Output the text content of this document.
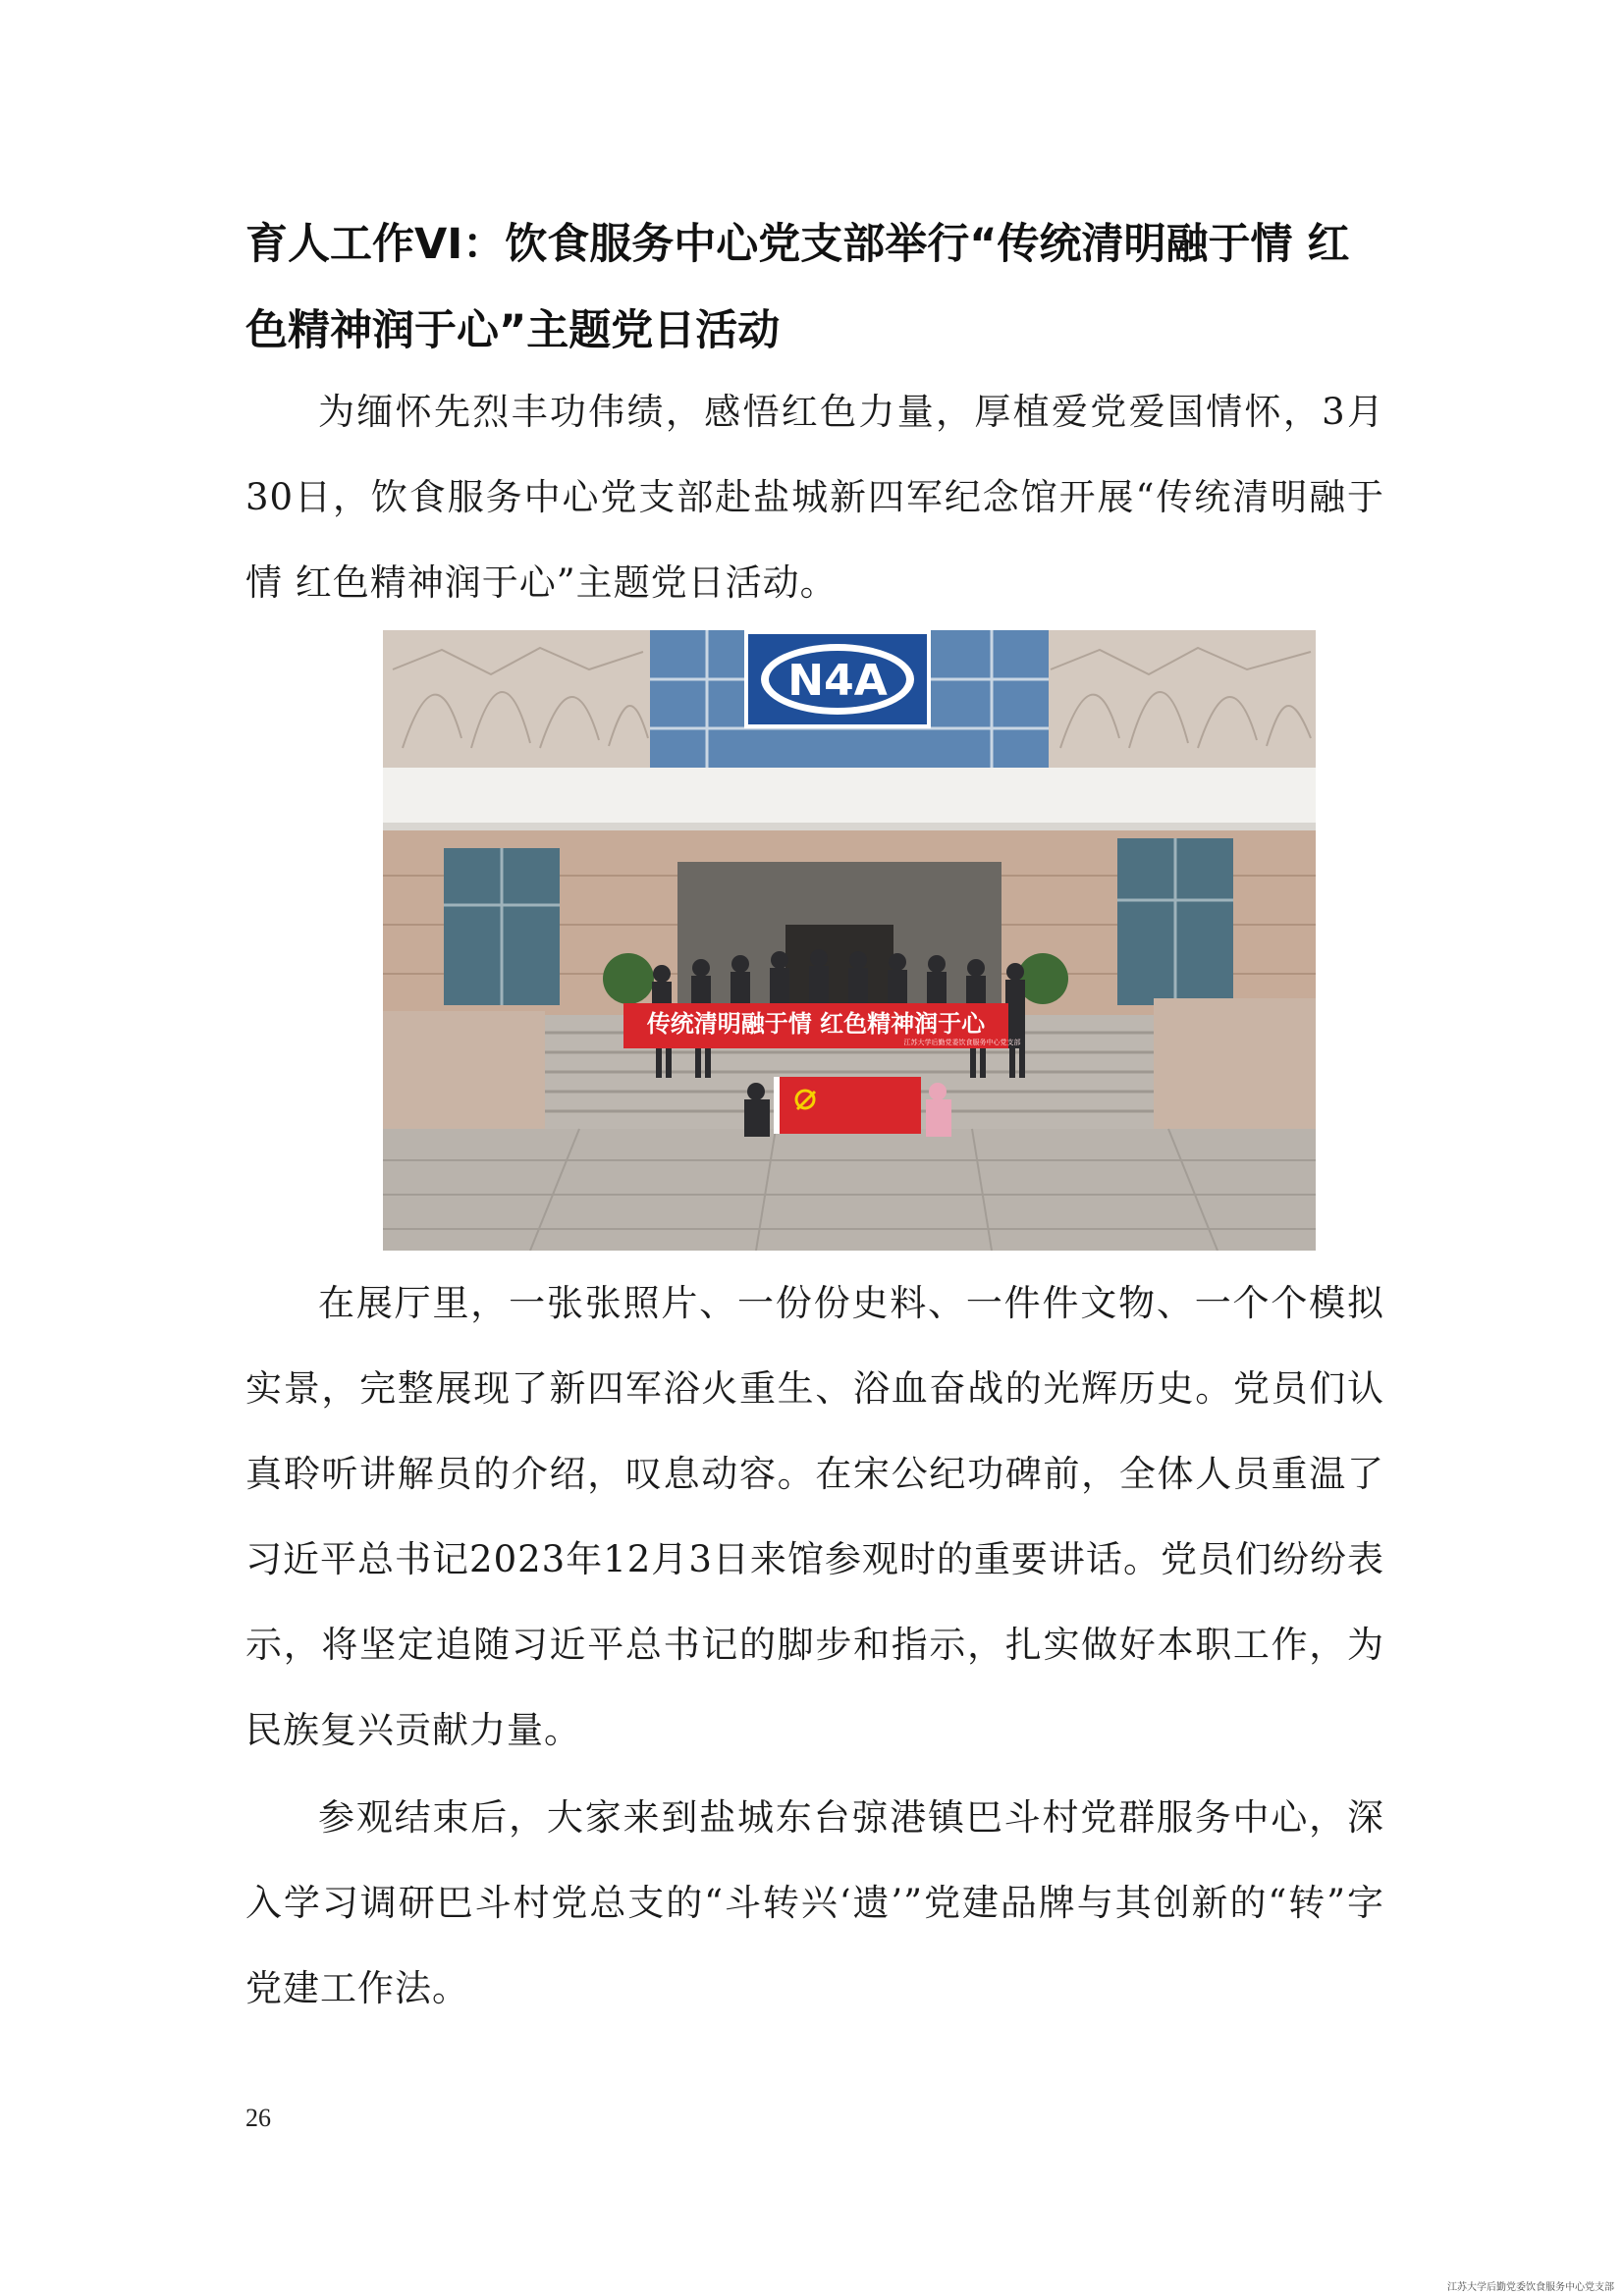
育人工作VI：饮食服务中心党支部举行“传统清明融于情 红色精神润于心”主题党日活动

为缅怀先烈丰功伟绩，感悟红色力量，厚植爱党爱国情怀，3月30日，饮食服务中心党支部赴盐城新四军纪念馆开展“传统清明融于情 红色精神润于心”主题党日活动。

N4A
传统清明融于情 红色精神润于心
江苏大学后勤党委饮食服务中心党支部

在展厅里，一张张照片、一份份史料、一件件文物、一个个模拟实景，完整展现了新四军浴火重生、浴血奋战的光辉历史。党员们认真聆听讲解员的介绍，叹息动容。在宋公纪功碑前，全体人员重温了习近平总书记2023年12月3日来馆参观时的重要讲话。党员们纷纷表示，将坚定追随习近平总书记的脚步和指示，扎实做好本职工作，为民族复兴贡献力量。

参观结束后，大家来到盐城东台弶港镇巴斗村党群服务中心，深入学习调研巴斗村党总支的“斗转兴‘遗’”党建品牌与其创新的“转”字党建工作法。

26
江苏大学后勤党委饮食服务中心党支部
